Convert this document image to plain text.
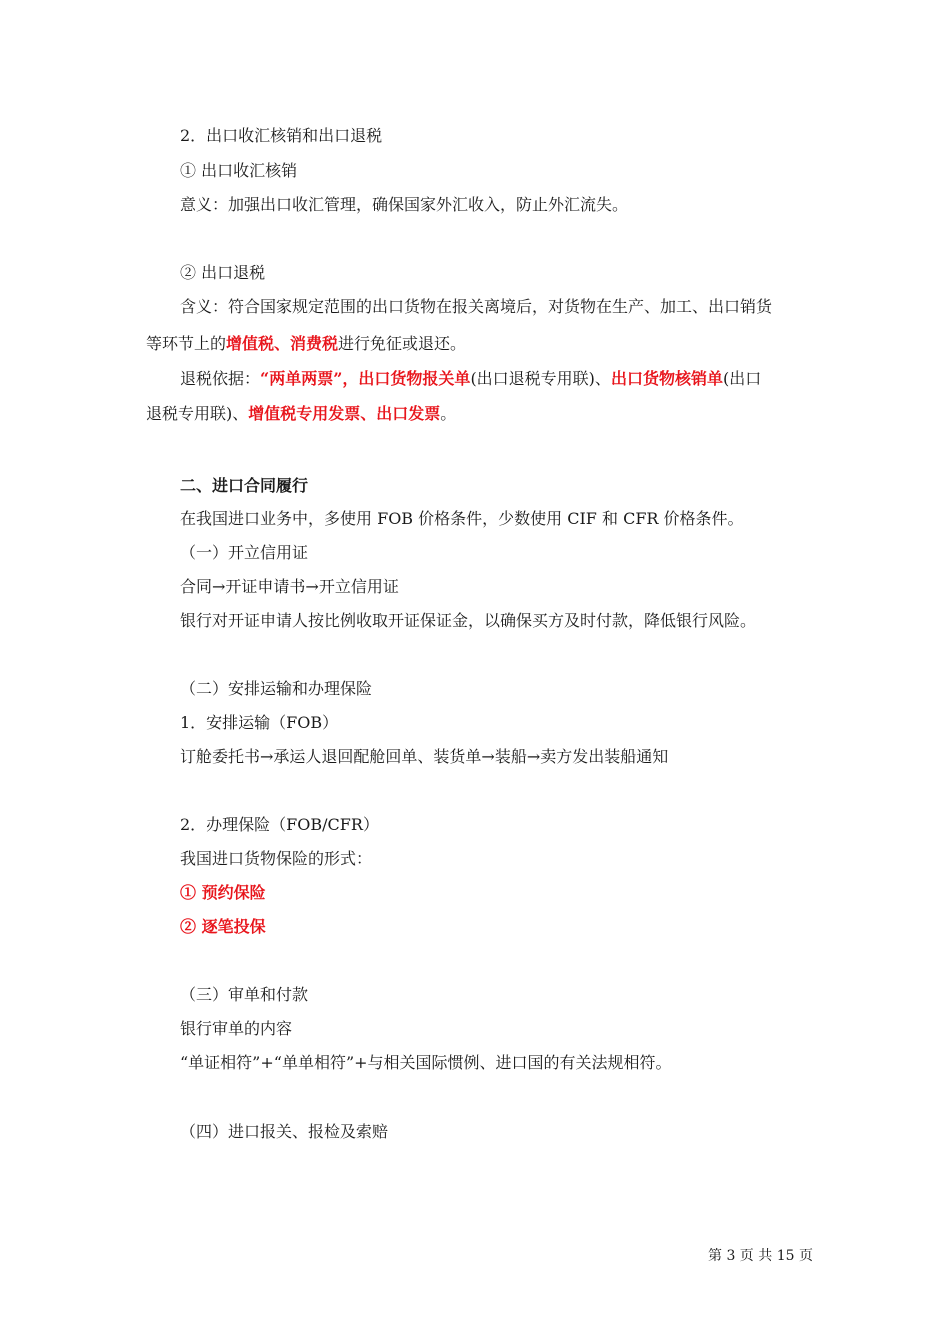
2．出口收汇核销和出口退税
① 出口收汇核销
意义：加强出口收汇管理，确保国家外汇收入，防止外汇流失。
② 出口退税
含义：符合国家规定范围的出口货物在报关离境后，对货物在生产、加工、出口销货
等环节上的增值税、消费税进行免征或退还。
退税依据：“两单两票”，出口货物报关单(出口退税专用联)、出口货物核销单(出口
退税专用联)、增值税专用发票、出口发票。
二、进口合同履行
在我国进口业务中，多使用 FOB 价格条件，少数使用 CIF 和 CFR 价格条件。
（一）开立信用证
合同→开证申请书→开立信用证
银行对开证申请人按比例收取开证保证金，以确保买方及时付款，降低银行风险。
（二）安排运输和办理保险
1．安排运输（FOB）
订舱委托书→承运人退回配舱回单、装货单→装船→卖方发出装船通知
2．办理保险（FOB/CFR）
我国进口货物保险的形式：
① 预约保险
② 逐笔投保
（三）审单和付款
银行审单的内容
“单证相符”+“单单相符”+与相关国际惯例、进口国的有关法规相符。
（四）进口报关、报检及索赔
第 3 页 共 15 页
